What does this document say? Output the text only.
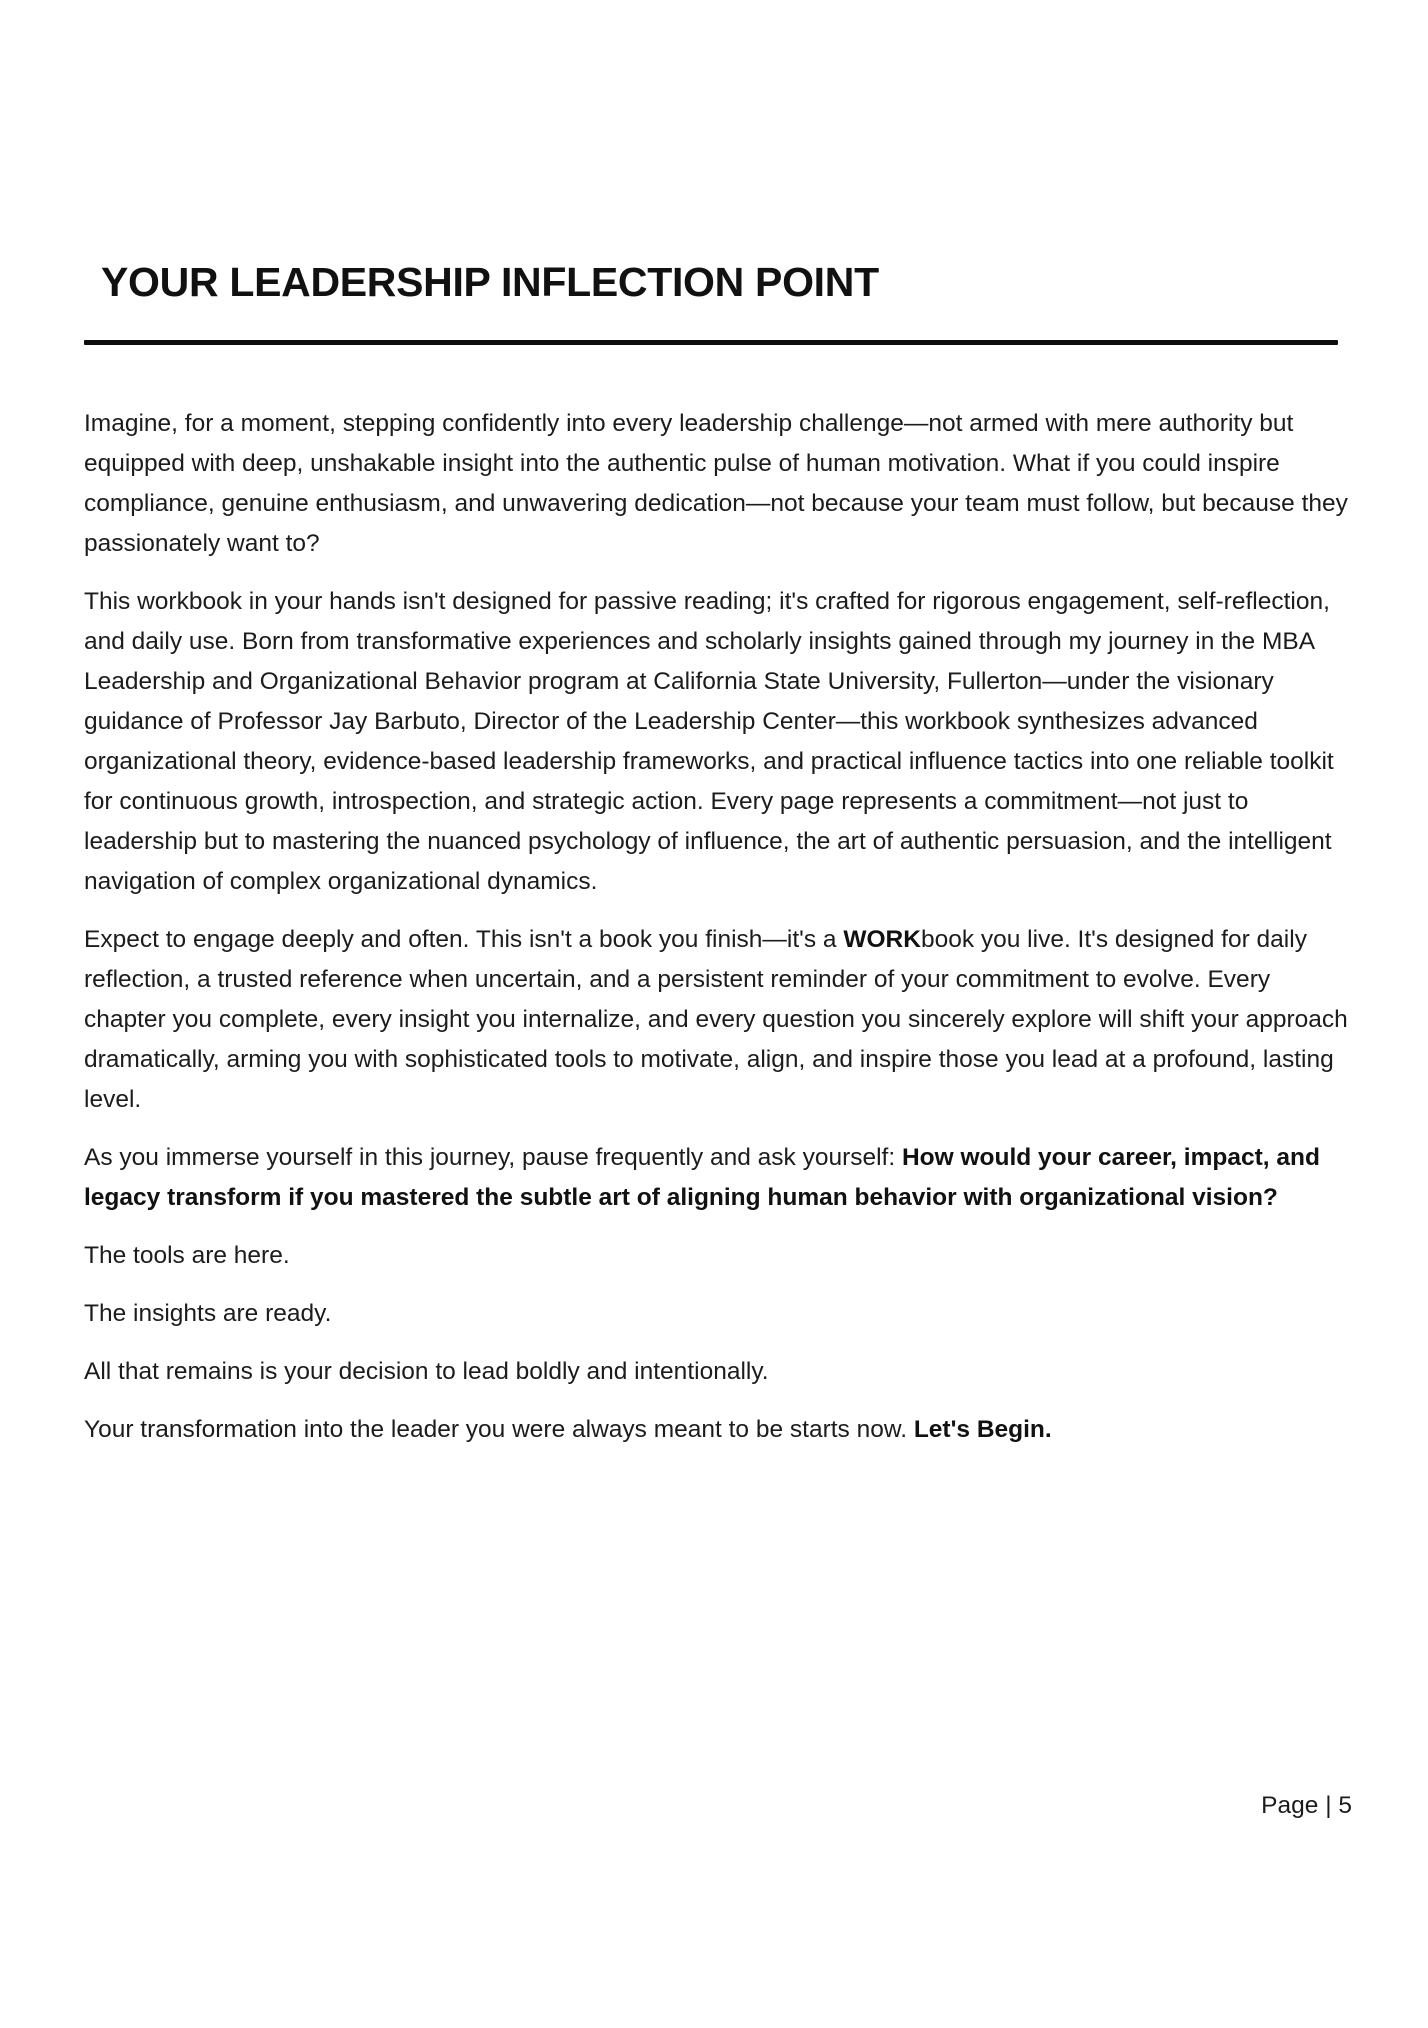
YOUR LEADERSHIP INFLECTION POINT

Imagine, for a moment, stepping confidently into every leadership challenge—not armed with mere authority but equipped with deep, unshakable insight into the authentic pulse of human motivation. What if you could inspire compliance, genuine enthusiasm, and unwavering dedication—not because your team must follow, but because they passionately want to?

This workbook in your hands isn't designed for passive reading; it's crafted for rigorous engagement, self-reflection, and daily use. Born from transformative experiences and scholarly insights gained through my journey in the MBA Leadership and Organizational Behavior program at California State University, Fullerton—under the visionary guidance of Professor Jay Barbuto, Director of the Leadership Center—this workbook synthesizes advanced organizational theory, evidence-based leadership frameworks, and practical influence tactics into one reliable toolkit for continuous growth, introspection, and strategic action. Every page represents a commitment—not just to leadership but to mastering the nuanced psychology of influence, the art of authentic persuasion, and the intelligent navigation of complex organizational dynamics.

Expect to engage deeply and often. This isn't a book you finish—it's a WORKbook you live. It's designed for daily reflection, a trusted reference when uncertain, and a persistent reminder of your commitment to evolve. Every chapter you complete, every insight you internalize, and every question you sincerely explore will shift your approach dramatically, arming you with sophisticated tools to motivate, align, and inspire those you lead at a profound, lasting level.

As you immerse yourself in this journey, pause frequently and ask yourself: How would your career, impact, and legacy transform if you mastered the subtle art of aligning human behavior with organizational vision?

The tools are here.

The insights are ready.

All that remains is your decision to lead boldly and intentionally.

Your transformation into the leader you were always meant to be starts now. Let's Begin.

Page | 5
